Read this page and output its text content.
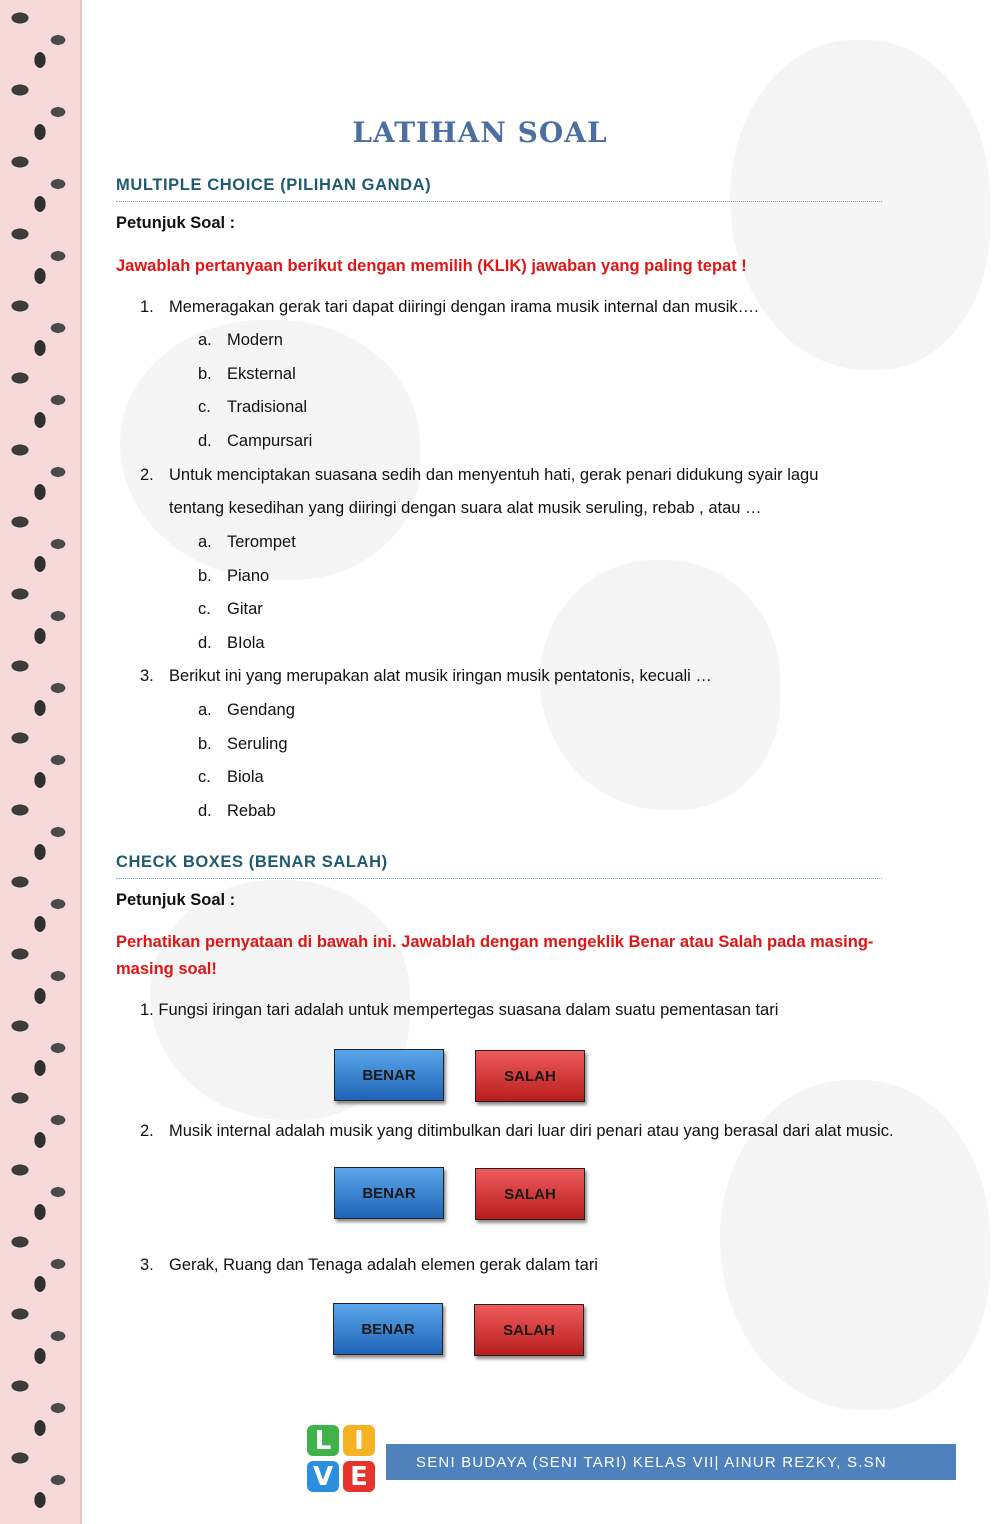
LATIHAN SOAL
MULTIPLE CHOICE (PILIHAN GANDA)
Petunjuk Soal :
Jawablah pertanyaan berikut dengan memilih (KLIK) jawaban yang paling tepat !
1. Memeragakan gerak tari dapat diiringi dengan irama musik internal dan musik….
a. Modern
b. Eksternal
c. Tradisional
d. Campursari
2. Untuk menciptakan suasana sedih dan menyentuh hati, gerak penari didukung syair lagu tentang kesedihan yang diiringi dengan suara alat musik seruling, rebab , atau …
a. Terompet
b. Piano
c. Gitar
d. BIola
3. Berikut ini yang merupakan alat musik iringan musik pentatonis, kecuali …
a. Gendang
b. Seruling
c. Biola
d. Rebab
CHECK BOXES (BENAR SALAH)
Petunjuk Soal :
Perhatikan pernyataan di bawah ini. Jawablah dengan mengeklik Benar atau Salah pada masing-masing soal!
1. Fungsi iringan tari adalah untuk mempertegas suasana dalam suatu pementasan tari
BENAR	SALAH
2. Musik internal adalah musik yang ditimbulkan dari luar diri penari atau yang berasal dari alat music.
BENAR	SALAH
3. Gerak, Ruang dan Tenaga adalah elemen gerak dalam tari
BENAR	SALAH
L I
V E	SENI BUDAYA (SENI TARI) KELAS VII| AINUR REZKY, S.SN
